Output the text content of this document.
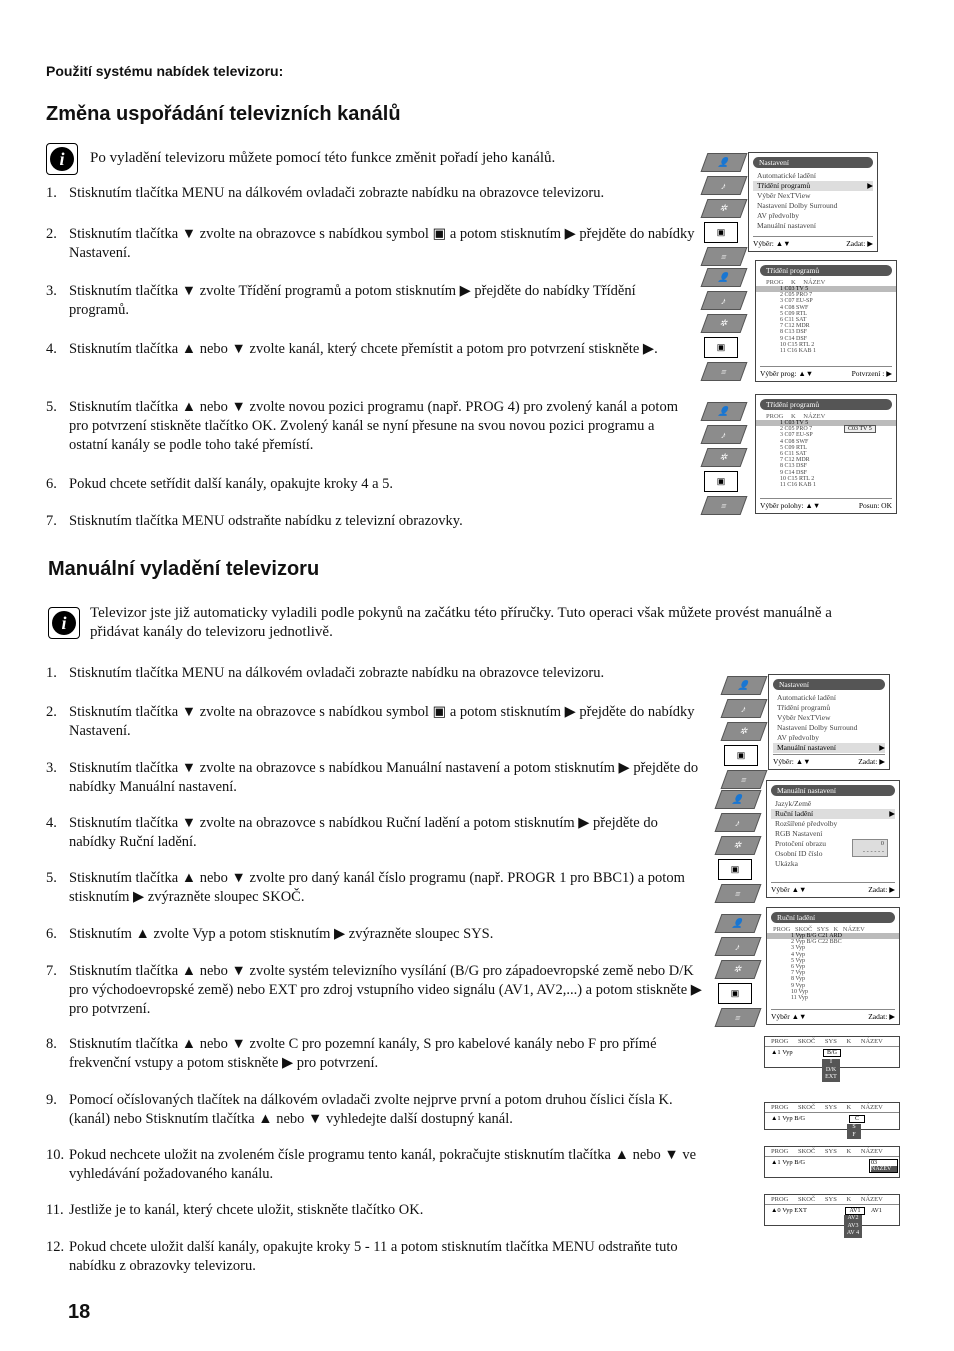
Použití systému nabídek televizoru:
Změna uspořádání televizních kanálů
i	Po vyladění televizoru můžete pomocí této funkce změnit pořadí jeho kanálů.
1. Stisknutím tlačítka MENU na dálkovém ovladači zobrazte nabídku na obrazovce televizoru.
2. Stisknutím tlačítka ▼ zvolte na obrazovce s nabídkou symbol ▣ a potom stisknutím ▶ přejděte do nabídky Nastavení.
3. Stisknutím tlačítka ▼ zvolte Třídění programů a potom stisknutím ▶ přejděte do nabídky Třídění programů.
4. Stisknutím tlačítka ▲ nebo ▼ zvolte kanál, který chcete přemístit a potom pro potvrzení stiskněte ▶.
5. Stisknutím tlačítka ▲ nebo ▼ zvolte novou pozici programu (např. PROG 4) pro zvolený kanál a potom pro potvrzení stiskněte tlačítko OK. Zvolený kanál se nyní přesune na svou novou pozici programu a ostatní kanály se podle toho také přemístí.
6. Pokud chcete setřídit další kanály, opakujte kroky 4 a 5.
7. Stisknutím tlačítka MENU odstraňte nabídku z televizní obrazovky.
Manuální vyladění televizoru
i	Televizor jste již automaticky vyladili podle pokynů na začátku této příručky. Tuto operaci však můžete provést manuálně a přidávat kanály do televizoru jednotlivě.
1. Stisknutím tlačítka MENU na dálkovém ovladači zobrazte nabídku na obrazovce televizoru.
2. Stisknutím tlačítka ▼ zvolte na obrazovce s nabídkou symbol ▣ a potom stisknutím ▶ přejděte do nabídky Nastavení.
3. Stisknutím tlačítka ▼ zvolte na obrazovce s nabídkou Manuální nastavení a potom stisknutím ▶ přejděte do nabídky Manuální nastavení.
4. Stisknutím tlačítka ▼ zvolte na obrazovce s nabídkou Ruční ladění a potom stisknutím ▶ přejděte do nabídky Ruční ladění.
5. Stisknutím tlačítka ▲ nebo ▼ zvolte pro daný kanál číslo programu (např. PROGR 1 pro BBC1) a potom stisknutím ▶ zvýrazněte sloupec SKOČ.
6. Stisknutím ▲ zvolte Vyp a potom stisknutím ▶ zvýrazněte sloupec SYS.
7. Stisknutím tlačítka ▲ nebo ▼ zvolte systém televizního vysílání (B/G pro západoevropské země nebo D/K pro východoevropské země) nebo EXT pro zdroj vstupního video signálu (AV1, AV2,...) a potom stiskněte ▶ pro potvrzení.
8. Stisknutím tlačítka ▲ nebo ▼ zvolte C pro pozemní kanály, S pro kabelové kanály nebo F pro přímé frekvenční vstupy a potom stiskněte ▶ pro potvrzení.
9. Pomocí očíslovaných tlačítek na dálkovém ovladači zvolte nejprve první a potom druhou číslici čísla K. (kanál) nebo Stisknutím tlačítka ▲ nebo ▼ vyhledejte další dostupný kanál.
10. Pokud nechcete uložit na zvoleném čísle programu tento kanál, pokračujte stisknutím tlačítka ▲ nebo ▼ ve vyhledávání požadovaného kanálu.
11. Jestliže je to kanál, který chcete uložit, stiskněte tlačítko OK.
12. Pokud chcete uložit další kanály, opakujte kroky 5 - 11 a potom stisknutím tlačítka MENU odstraňte tuto nabídku z obrazovky televizoru.
18
👤
♪
✲
▣
≡
Nastavení
Automatické ladění
Třídění programů	▶
Výběr NexTView
Nastavení Dolby Surround
AV předvolby
Manuální nastavení
Výběr: ▲▼	Zadat: ▶
👤
♪
✲
▣
≡
Třídění programů
PROG K NÁZEV
1 C03 TV 5
2 C05 PRO 7
3 C07 EU-SP
4 C08 SWF
5 C09 RTL
6 C11 SAT
7 C12 MDR
8 C13 DSF
9 C14 DSF
10 C15 RTL 2
11 C16 KAB 1
Výběr prog: ▲▼	Potvrzení : ▶
👤
♪
✲
▣
≡
Třídění programů
PROG K NÁZEV
1 C03 TV 5
2 C05 PRO 7
3 C07 EU-SP
4 C08 SWF
5 C09 RTL
6 C11 SAT
7 C12 MDR
8 C13 DSF
9 C14 DSF
10 C15 RTL 2
11 C16 KAB 1
C03 TV 5
Výběr polohy: ▲▼	Posun: OK
👤
♪
✲
▣
≡
Nastavení
Automatické ladění
Třídění programů
Výběr NexTView
Nastavení Dolby Surround
AV předvolby
Manuální nastavení	▶
Výběr: ▲▼	Zadat: ▶
👤
♪
✲
▣
≡
Manuální nastavení
Jazyk/Země
Ruční ladění	▶
Rozšířené předvolby
RGB Nastavení
Protočení obrazu
Osobní ID číslo
Ukázka
0
- - - - - -
Výběr ▲▼	Zadat: ▶
👤
♪
✲
▣
≡
Ruční ladění
PROG SKOČ SYS K NÁZEV
1 Vyp B/G C21 ARD
2 Vyp B/G C22 BBC
3 Vyp
4 Vyp
5 Vyp
6 Vyp
7 Vyp
8 Vyp
9 Vyp
10 Vyp
11 Vyp
Výběr ▲▼	Zadat: ▶
PROG SKOČ SYS K NÁZEV
▲1 Vyp	B/G
I
D/K
EXT
PROG SKOČ SYS K NÁZEV
▲1 Vyp B/G	C
S
F
PROG SKOČ SYS K NÁZEV
▲1 Vyp B/G	03
NAZEV
PROG SKOČ SYS K NÁZEV
▲0 Vyp EXT	AV1	AV1
AV2
AV3
AV 4
